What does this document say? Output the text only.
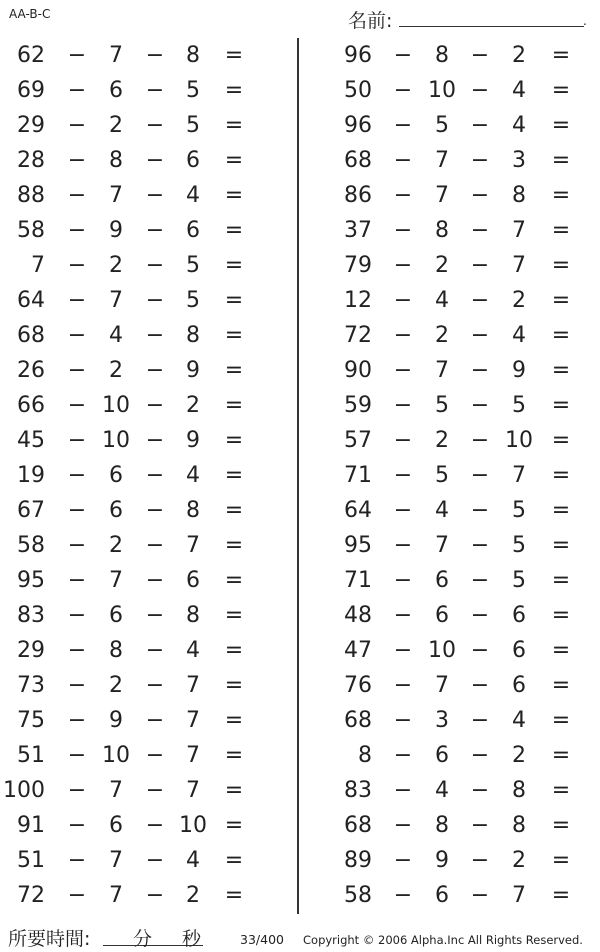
AA-B-C	名前:	.
62	−	7	− 8	=
69	−	6	− 5	=
29	−	2	− 5	=
28	−	8	− 6	=
88	−	7	− 4	=
58	−	9	− 6	=
7	−	2	− 5	=
64	−	7	− 5	=
68	−	4	− 8	=
26	−	2	− 9	=
66	− 10 − 2	=
45	− 10 − 9	=
19	−	6	− 4	=
67	−	6	− 8	=
58	−	2	− 7	=
95	−	7	− 6	=
83	−	6	− 8	=
29	−	8	− 4	=
73	−	2	− 7	=
75	−	9	− 7	=
51	− 10 − 7	=
100	−	7	− 7	=
91	−	6	− 10 =
51	−	7	− 4	=
72	−	7	− 2	=
96 −	8 −	2	=
50 − 10 −	4	=
96 −	5 −	4	=
68 −	7 −	3	=
86 −	7 −	8	=
37 −	8 −	7	=
79 −	2 −	7	=
12 −	4 −	2	=
72 −	2 −	4	=
90 −	7 −	9	=
59 −	5 −	5	=
57 −	2 − 10 =
71 −	5 −	7	=
64 −	4 −	5	=
95 −	7 −	5	=
71 −	6 −	5	=
48 −	6 −	6	=
47 − 10 −	6	=
76 −	7 −	6	=
68 −	3 −	4	=
8 −	6 −	2	=
83 −	4 −	8	=
68 −	8 −	8	=
89 −	9 −	2	=
58 −	6 −	7	=
所要時間: 分 秒	33/400 Copyright © 2006 Alpha.Inc All Rights Reserved.
